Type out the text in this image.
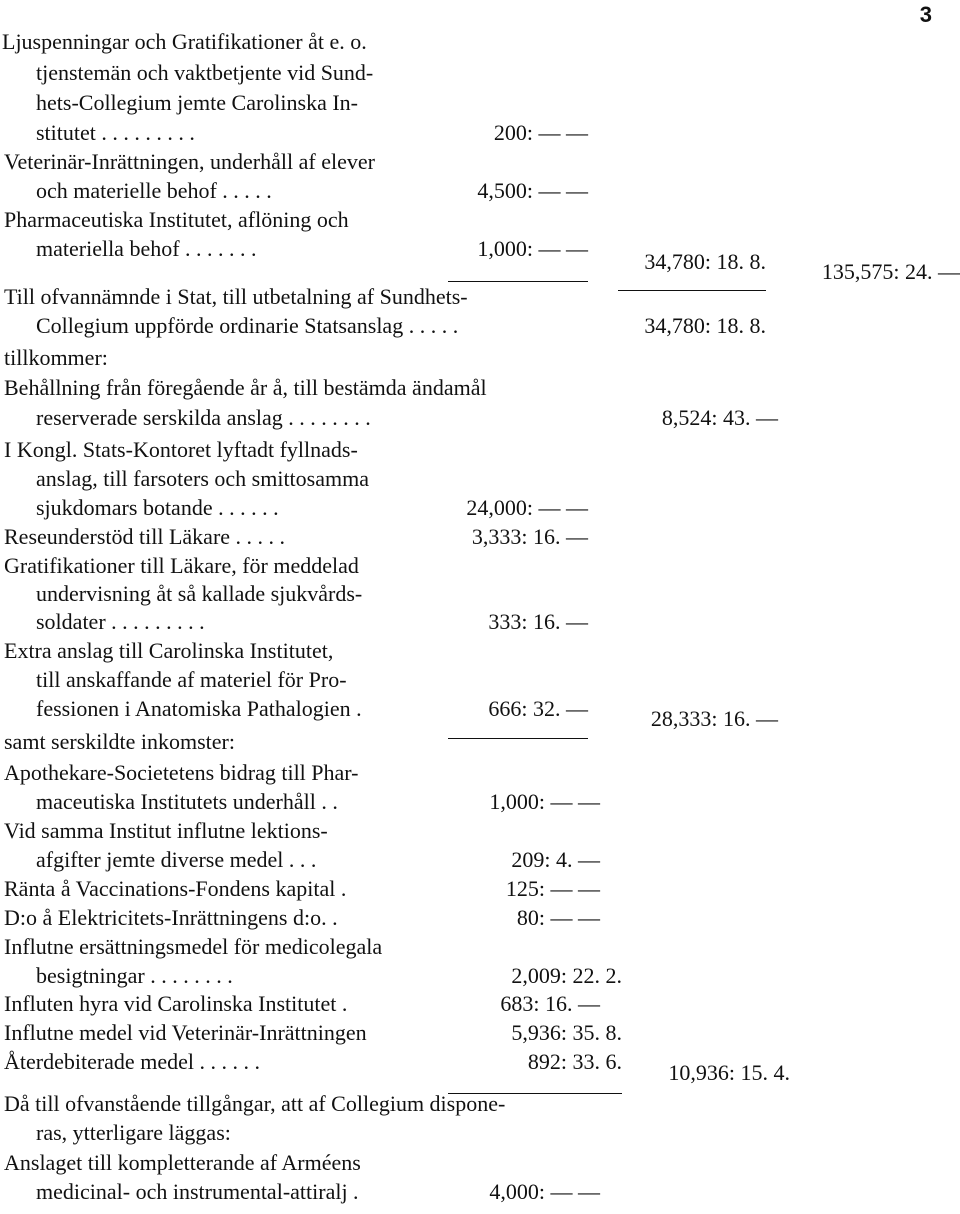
3
Ljuspenningar och Gratifikationer åt e. o.
tjenstemän och vaktbetjente vid Sund-
hets-Collegium jemte Carolinska In-
stitutet . . . . . . . . .
Veterinär-Inrättningen, underhåll af elever
och materielle behof . . . . .
Pharmaceutiska Institutet, aflöning och
materiella behof . . . . . . .
Till ofvannämnde i Stat, till utbetalning af Sundhets-
Collegium uppförde ordinarie Statsanslag . . . . .
tillkommer:
Behållning från föregående år å, till bestämda ändamål
reserverade serskilda anslag . . . . . . . .
I Kongl. Stats-Kontoret lyftadt fyllnads-
anslag, till farsoters och smittosamma
sjukdomars botande . . . . . .
Reseunderstöd till Läkare . . . . .
Gratifikationer till Läkare, för meddelad
undervisning åt så kallade sjukvårds-
soldater . . . . . . . . .
Extra anslag till Carolinska Institutet,
till anskaffande af materiel för Pro-
fessionen i Anatomiska Pathalogien .
samt serskildte inkomster:
Apothekare-Societetens bidrag till Phar-
maceutiska Institutets underhåll . .
Vid samma Institut influtne lektions-
afgifter jemte diverse medel . . .
Ränta å Vaccinations-Fondens kapital .
D:o å Elektricitets-Inrättningens d:o. .
Influtne ersättningsmedel för medicolegala
besigtningar . . . . . . . .
Influten hyra vid Carolinska Institutet .
Influtne medel vid Veterinär-Inrättningen
Återdebiterade medel . . . . . .
Då till ofvanstående tillgångar, att af Collegium dispone-
ras, ytterligare läggas:
Anslaget till kompletterande af Arméens
medicinal- och instrumental-attiralj .
200: — —
4,500: — —
1,000: — —
34,780: 18. 8.	135,575: 24. —
34,780: 18. 8.
8,524: 43. —
24,000: — —
3,333: 16. —
333: 16. —
666: 32. —	28,333: 16. —
1,000: — —
209: 4. —
125: — —
80: — —
2,009: 22. 2.
683: 16. —
5,936: 35. 8.
892: 33. 6. 10,936: 15. 4.
4,000: — —
